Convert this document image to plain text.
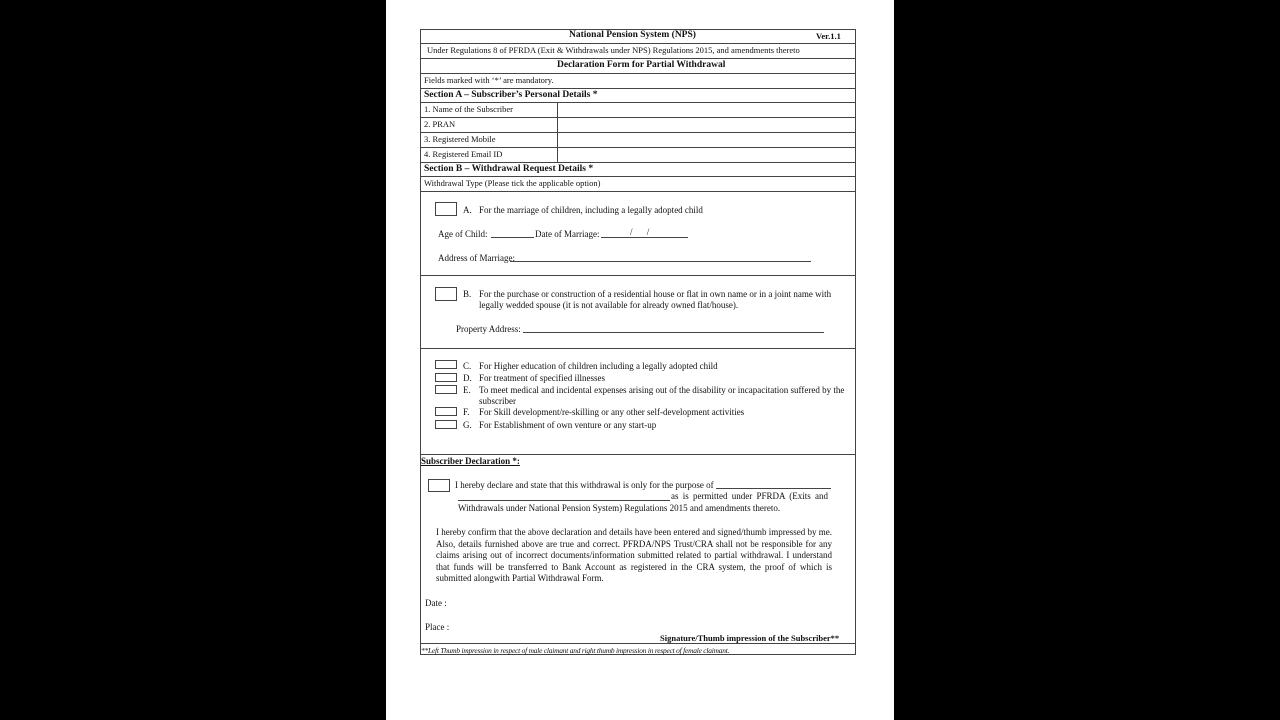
National Pension System (NPS)	Ver.1.1
Under Regulations 8 of PFRDA (Exit & Withdrawals under NPS) Regulations 2015, and amendments thereto
Declaration Form for Partial Withdrawal
Fields marked with ‘*’ are mandatory.
Section A – Subscriber’s Personal Details *
1. Name of the Subscriber
2. PRAN
3. Registered Mobile
4. Registered Email ID
Section B – Withdrawal Request Details *
Withdrawal Type (Please tick the applicable option)
A. For the marriage of children, including a legally adopted child
Age of Child:	Date of Marriage:	/ /
Address of Marriage:
B. For the purchase or construction of a residential house or flat in own name or in a joint name with
legally wedded spouse (it is not available for already owned flat/house).
Property Address:
C. For Higher education of children including a legally adopted child
D. For treatment of specified illnesses
E. To meet medical and incidental expenses arising out of the disability or incapacitation suffered by the
subscriber
F. For Skill development/re-skilling or any other self-development activities
G. For Establishment of own venture or any start-up
Subscriber Declaration *:
I hereby declare and state that this withdrawal is only for the purpose of
as is permitted under PFRDA (Exits and
Withdrawals under National Pension System) Regulations 2015 and amendments thereto.
I hereby confirm that the above declaration and details have been entered and signed/thumb impressed by me. Also, details furnished above are true and correct. PFRDA/NPS Trust/CRA shall not be responsible for any claims arising out of incorrect documents/information submitted related to partial withdrawal. I understand that funds will be transferred to Bank Account as registered in the CRA system, the proof of which is submitted alongwith Partial Withdrawal Form.
Date :
Place :
Signature/Thumb impression of the Subscriber**
**Left Thumb impression in respect of male claimant and right thumb impression in respect of female claimant.
